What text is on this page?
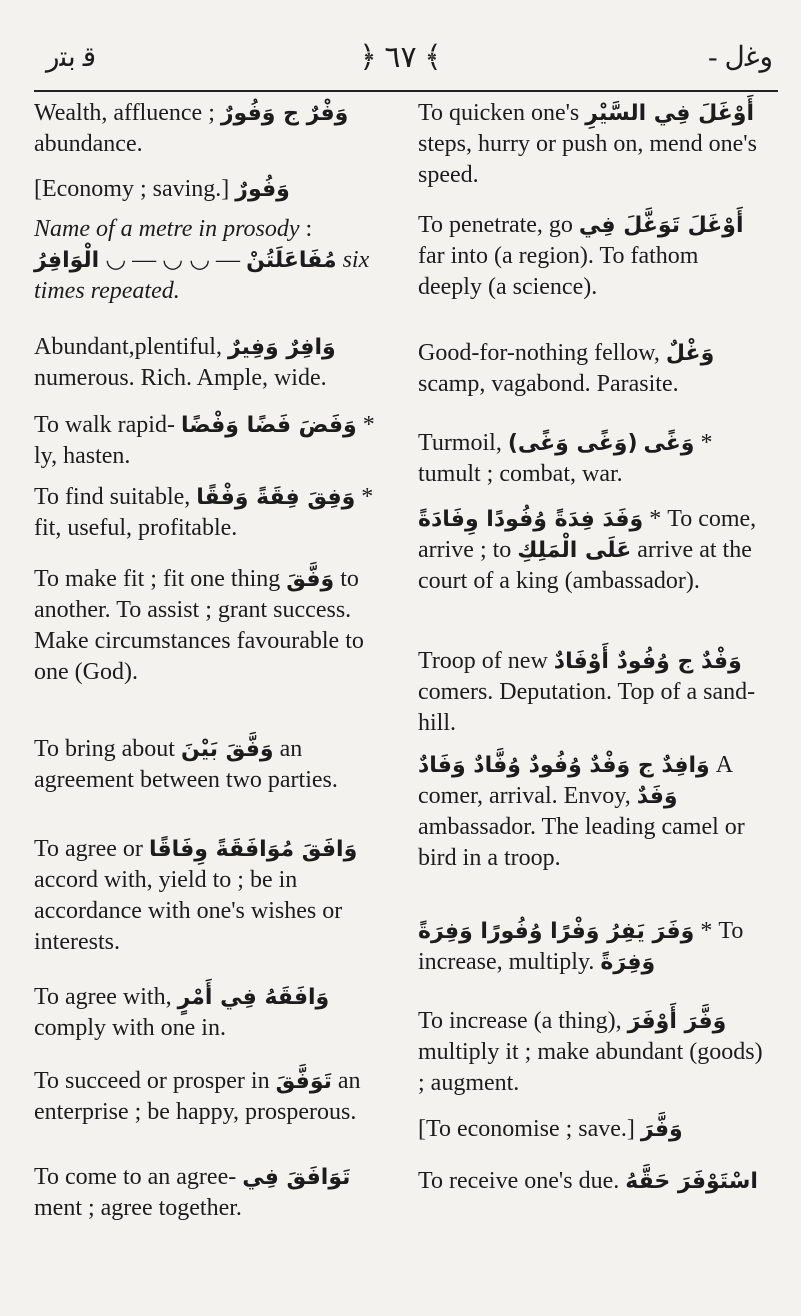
ﻗ ﺑﺘﺭ	﴿ ٦٧ ﴾	ﻭﻏﻝ -

Wealth, affluence ; وَفْرٌ ج وَفُورٌ abundance.

[Economy ; saving.] وَفُورٌ

Name of a metre in prosody : الْوَافِرُ ◡ — ◡ ◡ — مُفَاعَلَتُنْ six times repeated.

Abundant,plentiful, وَافِرٌ وَفِيرٌ numerous. Rich. Ample, wide.

To walk rapid- وَفَضَ فَضًا وَفْضًا * ly, hasten.

To find suitable, وَفِقَ فِقَةً وَفْقًا * fit, useful, profitable.

To make fit ; fit one thing وَفَّقَ to another. To assist ; grant success. Make circumstances favourable to one (God).

To bring about وَفَّقَ بَيْنَ an agreement between two parties.

To agree or وَافَقَ مُوَافَقَةً وِفَاقًا accord with, yield to ; be in accordance with one's wishes or interests.

To agree with, وَافَقَهُ فِي أَمْرٍ comply with one in.

To succeed or prosper in تَوَفَّقَ an enterprise ; be happy, prosperous.

To come to an agree- تَوَافَقَ فِي ment ; agree together.

To quicken one's أَوْغَلَ فِي السَّيْرِ steps, hurry or push on, mend one's speed.

To penetrate, go أَوْغَلَ تَوَغَّلَ فِي far into (a region). To fathom deeply (a science).

Good-for-nothing fellow, وَغْلٌ scamp, vagabond. Parasite.

Turmoil, (وَغًى وَغًى) وَغًى * tumult ; combat, war.

وَفَدَ فِدَةً وُفُودًا وِفَادَةً * To come, arrive ; to عَلَى الْمَلِكِ arrive at the court of a king (ambassador).

Troop of new وَفْدٌ ج وُفُودٌ أَوْفَادٌ comers. Deputation. Top of a sand-hill.

وَافِدٌ ج وَفْدٌ وُفُودٌ وُفَّادٌ وَفَادٌ A comer, arrival. Envoy, وَفَدٌ ambassador. The leading camel or bird in a troop.

وَفَرَ يَفِرُ وَفْرًا وُفُورًا وَفِرَةً * To increase, multiply. وَفِرَةً

To increase (a thing), وَفَّرَ أَوْفَرَ multiply it ; make abundant (goods) ; augment.

[To economise ; save.] وَفَّرَ

To receive one's due. اسْتَوْفَرَ حَقَّهُ
